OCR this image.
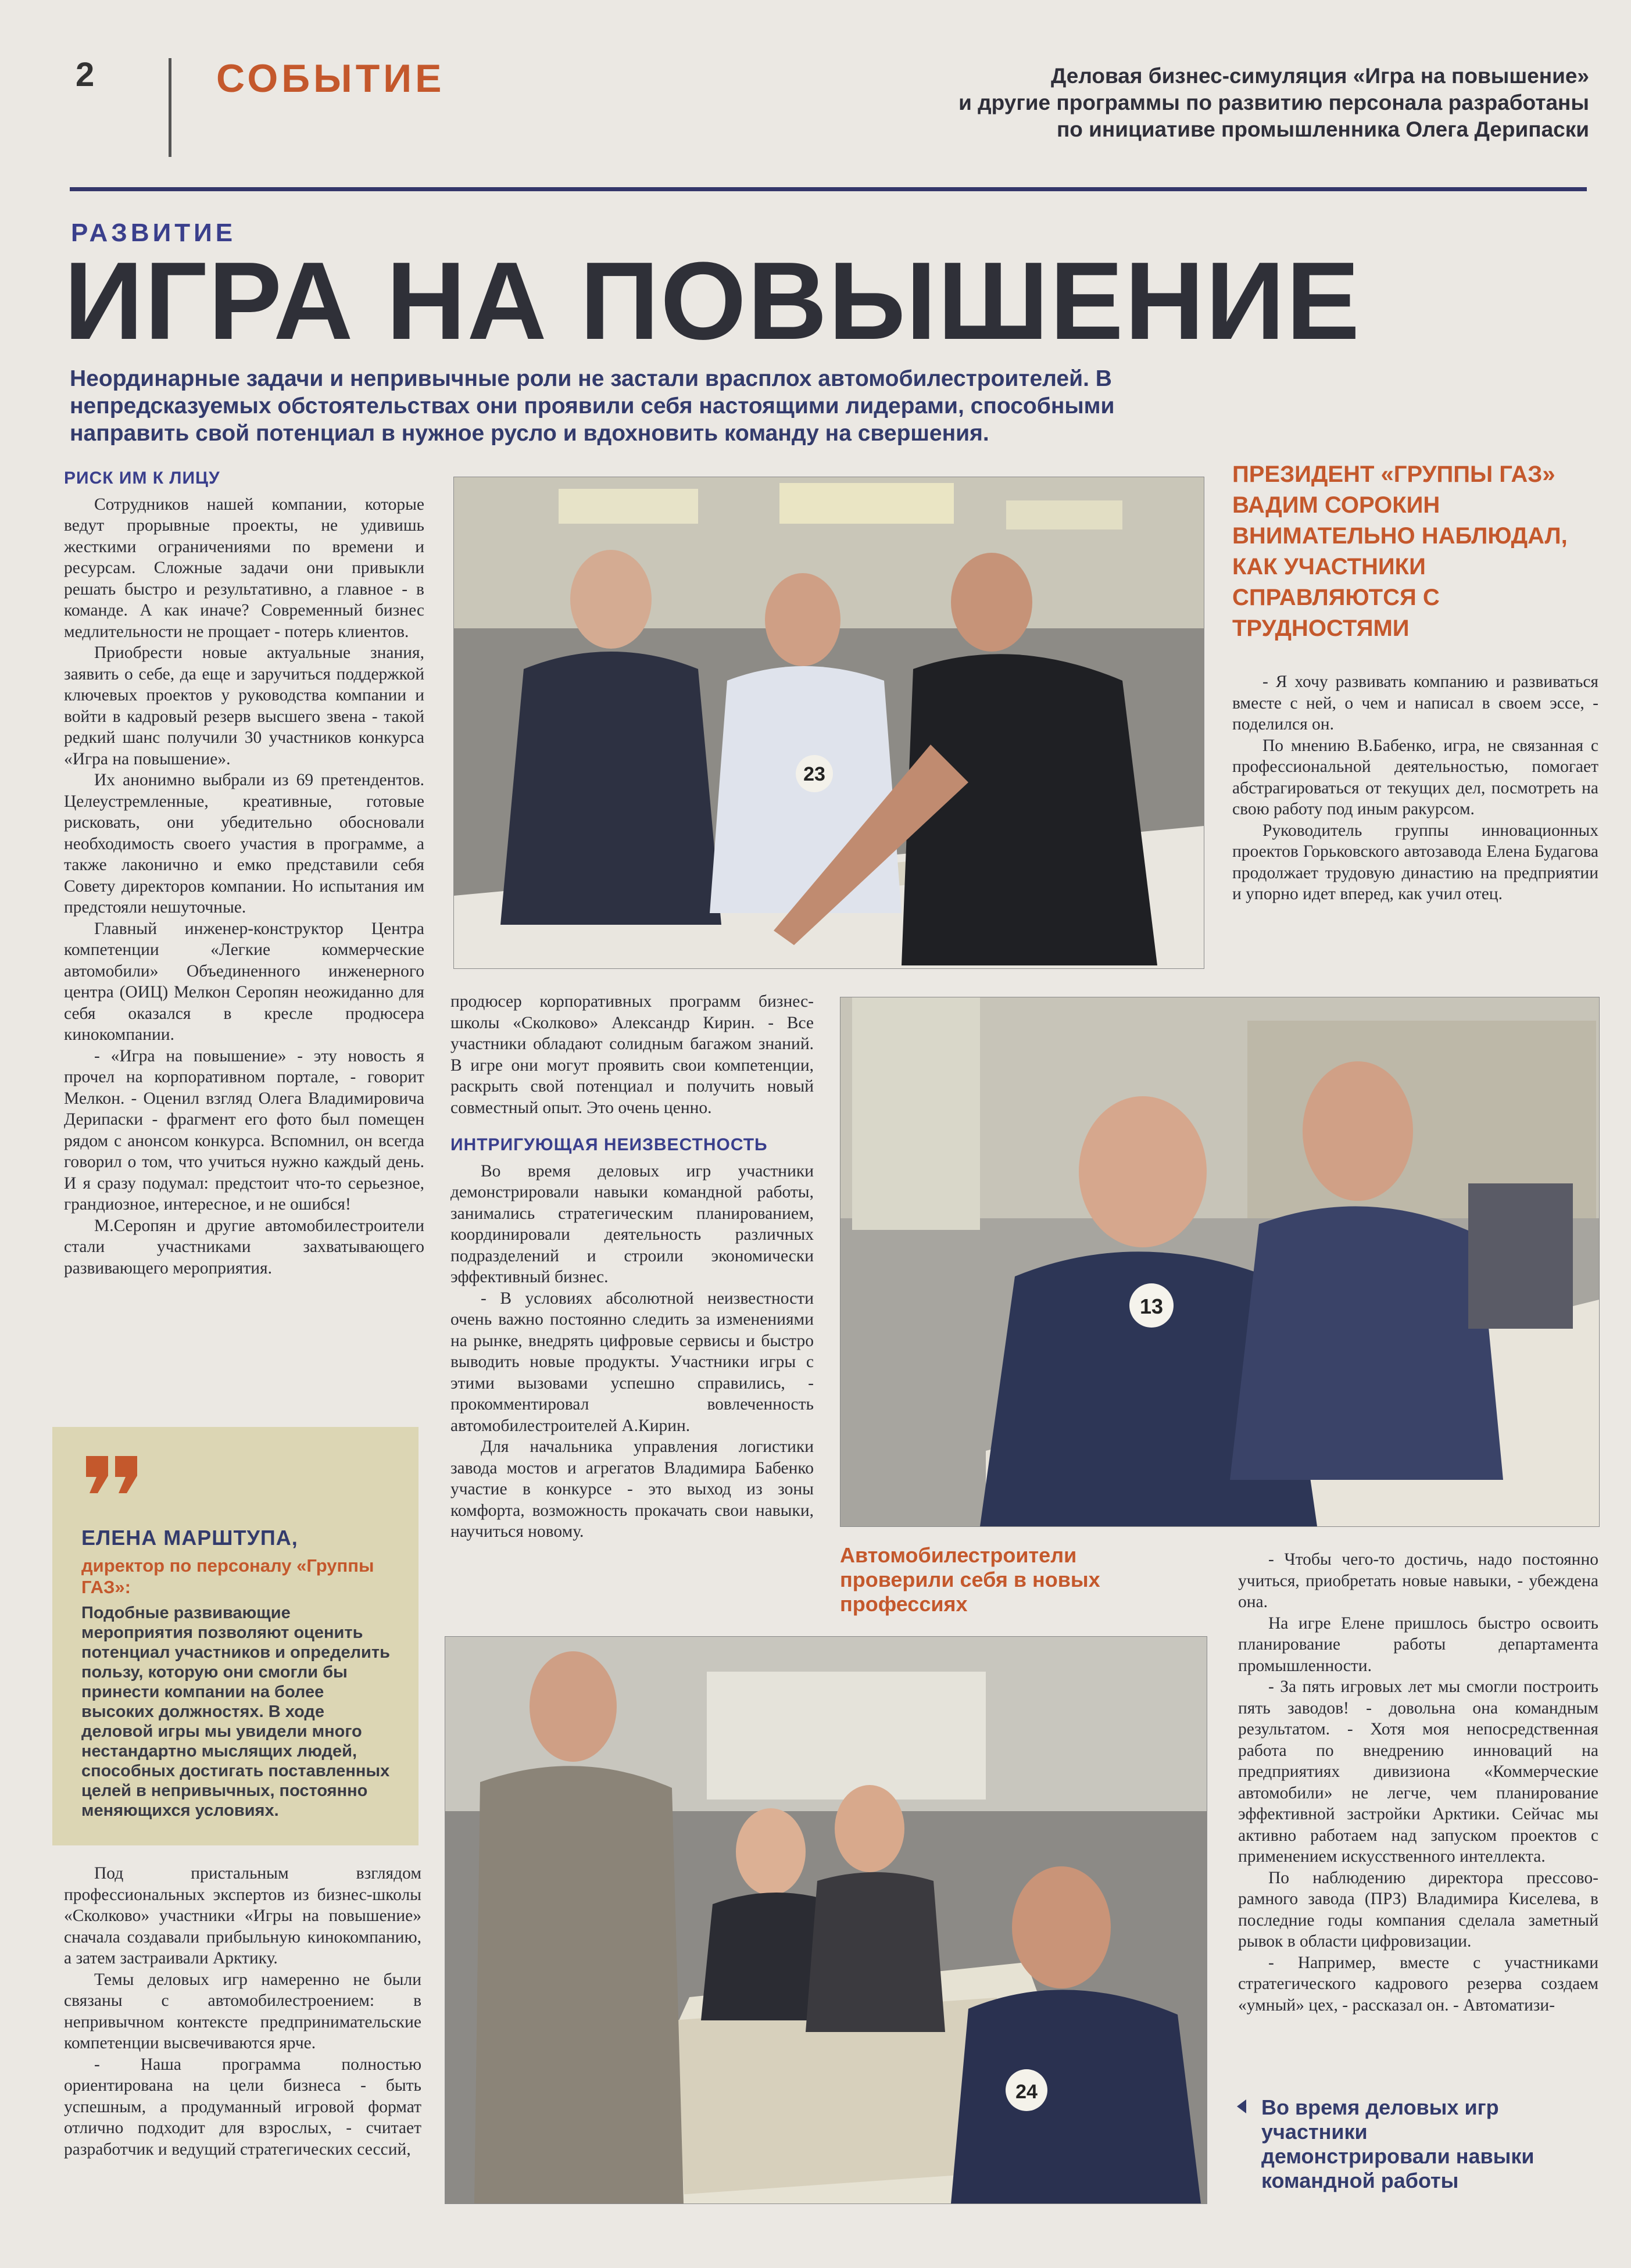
2	СОБЫТИЕ	Деловая бизнес-симуляция «Игра на повышение»
и другие программы по развитию персонала разработаны
по инициативе промышленника Олега Дерипаски
РАЗВИТИЕ
ИГРА НА ПОВЫШЕНИЕ
Неординарные задачи и непривычные роли не застали врасплох автомобилестроителей. В непредсказуемых обстоятельствах они проявили себя настоящими лидерами, способными направить свой потенциал в нужное русло и вдохновить команду на свершения.
РИСК ИМ К ЛИЦУ

Сотрудников нашей компании, которые ведут прорывные проекты, не удивишь жесткими ограничениями по времени и ресурсам. Сложные задачи они привыкли решать быстро и результативно, а главное - в команде. А как иначе? Современный бизнес медлительности не прощает - потерь клиентов.

Приобрести новые актуальные знания, заявить о себе, да еще и заручиться поддержкой ключевых проектов у руководства компании и войти в кадровый резерв высшего звена - такой редкий шанс получили 30 участников конкурса «Игра на повышение».

Их анонимно выбрали из 69 претендентов. Целеустремленные, креативные, готовые рисковать, они убедительно обосновали необходимость своего участия в программе, а также лаконично и емко представили себя Совету директоров компании. Но испытания им предстояли нешуточные.

Главный инженер-конструктор Центра компетенции «Легкие коммерческие автомобили» Объединенного инженерного центра (ОИЦ) Мелкон Серопян неожиданно для себя оказался в кресле продюсера кинокомпании.

- «Игра на повышение» - эту новость я прочел на корпоративном портале, - говорит Мелкон. - Оценил взгляд Олега Владимировича Дерипаски - фрагмент его фото был помещен рядом с анонсом конкурса. Вспомнил, он всегда говорил о том, что учиться нужно каждый день. И я сразу подумал: предстоит что-то серьезное, грандиозное, интересное, и не ошибся!

М.Серопян и другие автомобилестроители стали участниками захватывающего развивающего мероприятия.

ЕЛЕНА МАРШТУПА,
директор по персоналу «Группы ГАЗ»:
Подобные развивающие мероприятия позволяют оценить потенциал участников и определить пользу, которую они смогли бы принести компании на более высоких должностях. В ходе деловой игры мы увидели много нестандартно мыслящих людей, способных достигать поставленных целей в непривычных, постоянно меняющихся условиях.

Под пристальным взглядом профессиональных экспертов из бизнес-школы «Сколково» участники «Игры на повышение» сначала создавали прибыльную кинокомпанию, а затем застраивали Арктику.

Темы деловых игр намеренно не были связаны с автомобилестроением: в непривычном контексте предпринимательские компетенции высвечиваются ярче.

- Наша программа полностью ориентирована на цели бизнеса - быть успешным, а продуманный игровой формат отлично подходит для взрослых, - считает разработчик и ведущий стратегических сессий,

23
ПРЕЗИДЕНТ «ГРУППЫ ГАЗ» ВАДИМ СОРОКИН ВНИМАТЕЛЬНО НАБЛЮДАЛ, КАК УЧАСТНИКИ СПРАВЛЯЮТСЯ С ТРУДНОСТЯМИ

- Я хочу развивать компанию и развиваться вместе с ней, о чем и написал в своем эссе, - поделился он.

По мнению В.Бабенко, игра, не связанная с профессиональной деятельностью, помогает абстрагироваться от текущих дел, посмотреть на свою работу под иным ракурсом.

Руководитель группы инновационных проектов Горьковского автозавода Елена Будагова продолжает трудовую династию на предприятии и упорно идет вперед, как учил отец.

продюсер корпоративных программ бизнес-школы «Сколково» Александр Кирин. - Все участники обладают солидным багажом знаний. В игре они могут проявить свои компетенции, раскрыть свой потенциал и получить новый совместный опыт. Это очень ценно.

ИНТРИГУЮЩАЯ НЕИЗВЕСТНОСТЬ

Во время деловых игр участники демонстрировали навыки командной работы, занимались стратегическим планированием, координировали деятельность различных подразделений и строили экономически эффективный бизнес.

- В условиях абсолютной неизвестности очень важно постоянно следить за изменениями на рынке, внедрять цифровые сервисы и быстро выводить новые продукты. Участники игры с этими вызовами успешно справились, - прокомментировал вовлеченность автомобилестроителей А.Кирин.

Для начальника управления логистики завода мостов и агрегатов Владимира Бабенко участие в конкурсе - это выход из зоны комфорта, возможность прокачать свои навыки, научиться новому.

13
Автомобилестроители проверили себя в новых профессиях

- Чтобы чего-то достичь, надо постоянно учиться, приобретать новые навыки, - убеждена она.

На игре Елене пришлось быстро освоить планирование работы департамента промышленности.

- За пять игровых лет мы смогли построить пять заводов! - довольна она командным результатом. - Хотя моя непосредственная работа по внедрению инноваций на предприятиях дивизиона «Коммерческие автомобили» не легче, чем планирование эффективной застройки Арктики. Сейчас мы активно работаем над запуском проектов с применением искусственного интеллекта.

По наблюдению директора прессово-рамного завода (ПРЗ) Владимира Киселева, в последние годы компания сделала заметный рывок в области цифровизации.

- Например, вместе с участниками стратегического кадрового резерва создаем «умный» цех, - рассказал он. - Автоматизи-

24
Во время деловых игр участники демонстрировали навыки командной работы
